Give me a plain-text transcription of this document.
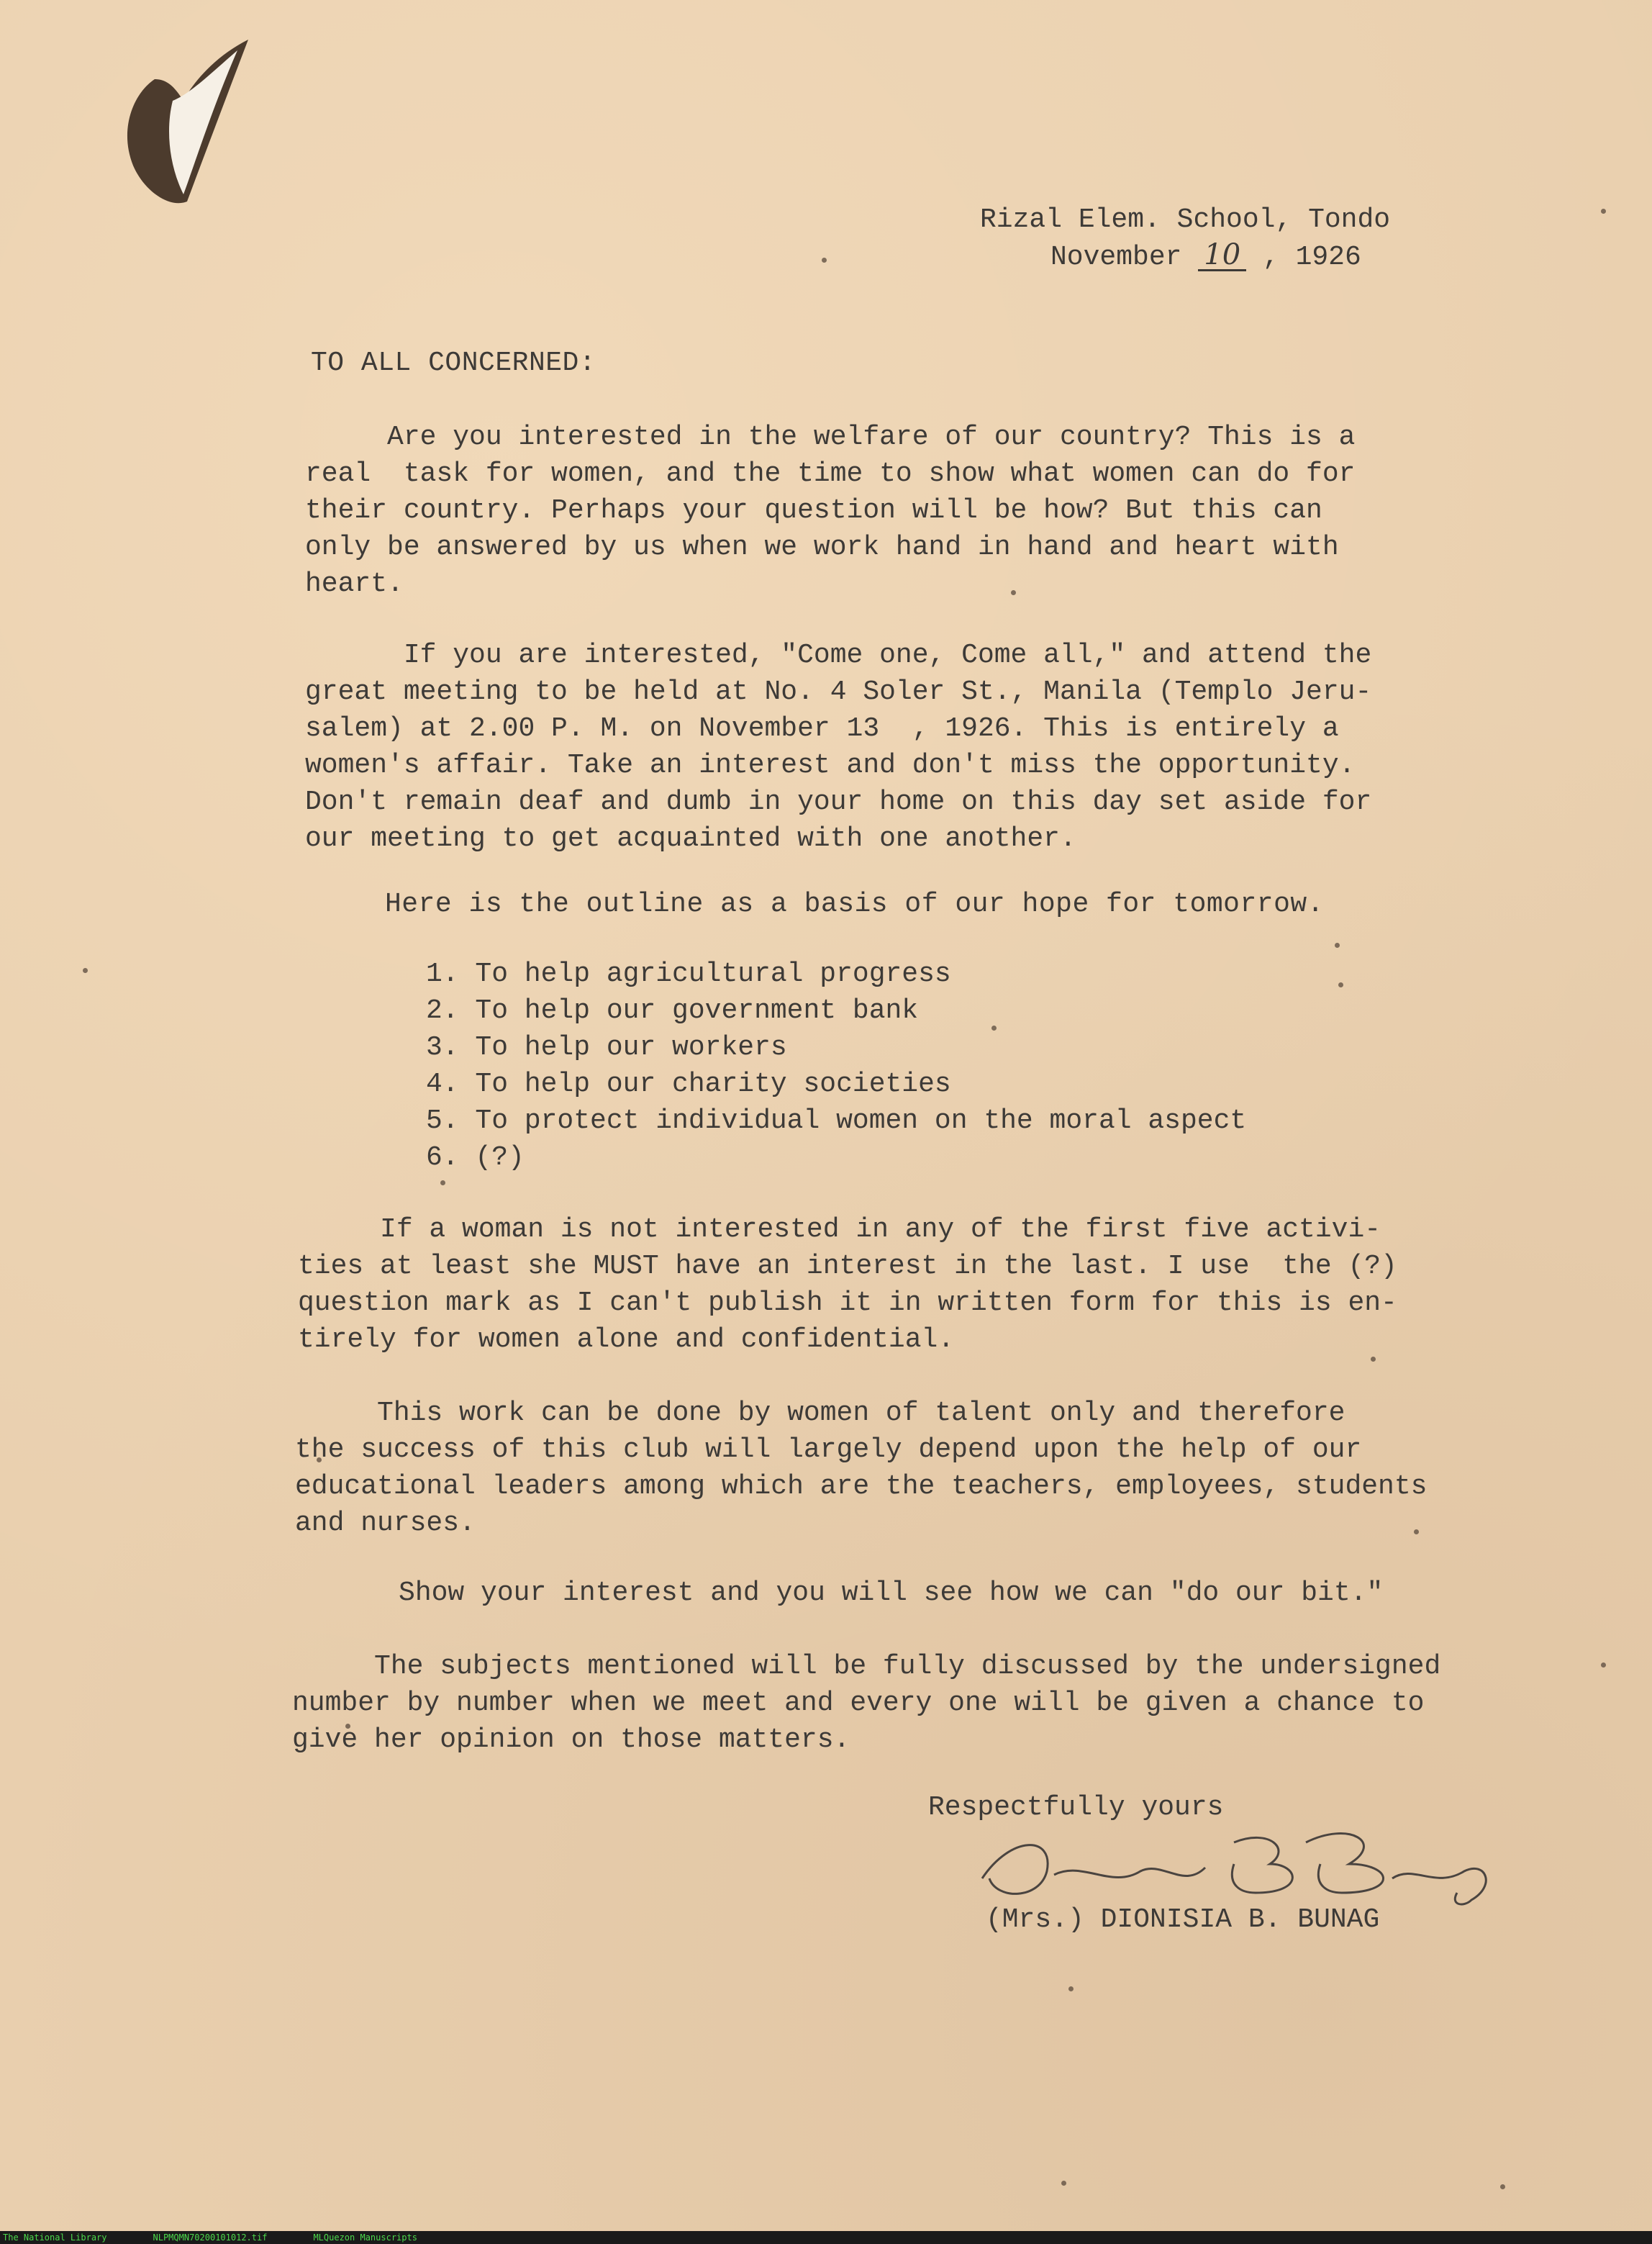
Rizal Elem. School, Tondo
November 10 , 1926
TO ALL CONCERNED:
Are you interested in the welfare of our country? This is a
real  task for women, and the time to show what women can do for
their country. Perhaps your question will be how? But this can
only be answered by us when we work hand in hand and heart with
heart.
If you are interested, "Come one, Come all," and attend the
great meeting to be held at No. 4 Soler St., Manila (Templo Jeru-
salem) at 2.00 P. M. on November 13  , 1926. This is entirely a
women's affair. Take an interest and don't miss the opportunity.
Don't remain deaf and dumb in your home on this day set aside for
our meeting to get acquainted with one another.
Here is the outline as a basis of our hope for tomorrow.
1. To help agricultural progress
2. To help our government bank
3. To help our workers
4. To help our charity societies
5. To protect individual women on the moral aspect
6. (?)
If a woman is not interested in any of the first five activi-
ties at least she MUST have an interest in the last. I use  the (?)
question mark as I can't publish it in written form for this is en-
tirely for women alone and confidential.
This work can be done by women of talent only and therefore
the success of this club will largely depend upon the help of our
educational leaders among which are the teachers, employees, students
and nurses.
Show your interest and you will see how we can "do our bit."
The subjects mentioned will be fully discussed by the undersigned
number by number when we meet and every one will be given a chance to
give her opinion on those matters.
Respectfully yours
(Mrs.) DIONISIA B. BUNAG
The National Library	NLPMQMN70200101012.tif	MLQuezon Manuscripts
